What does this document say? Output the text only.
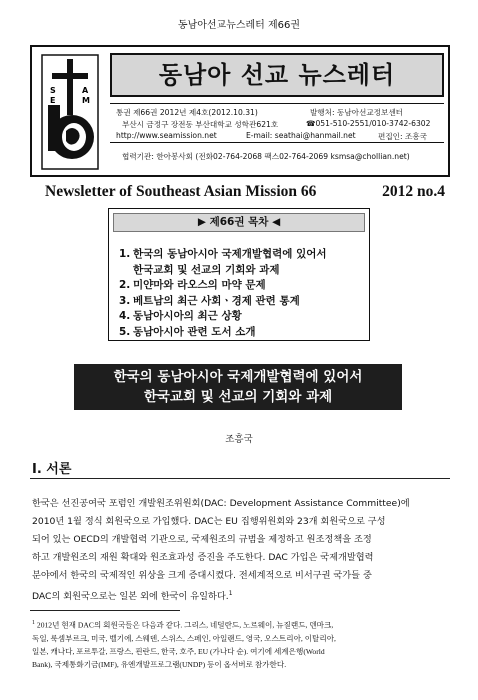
동남아선교뉴스레터 제66권
S
E
A
M
동남아 선교 뉴스레터
통권 제66권 2012년 제4호(2012.10.31)	발행처: 동남아선교정보센터
부산시 금정구 장전동 부산대학교 성학관621호	☎051-510-2551/010-3742-6302
http://www.seamission.net	E-mail: seathai@hanmail.net	편집인: 조흥국
협력기관: 한아봉사회 (전화02-764-2068 팩스02-764-2069 ksmsa@chollian.net)
Newsletter of Southeast Asian Mission 66	2012 no.4
▶ 제66권 목차 ◀
1. 한국의 동남아시아 국제개발협력에 있어서
한국교회 및 선교의 기회와 과제
2. 미얀마와 라오스의 마약 문제
3. 베트남의 최근 사회ㆍ경제 관련 통계
4. 동남아시아의 최근 상황
5. 동남아시아 관련 도서 소개
한국의 동남아시아 국제개발협력에 있어서
한국교회 및 선교의 기회와 과제
조흥국
I. 서론
한국은 선진공여국 포럼인 개발원조위원회(DAC: Development Assistance Committee)에
2010년 1월 정식 회원국으로 가입했다. DAC는 EU 집행위원회와 23개 회원국으로 구성
되어 있는 OECD의 개발협력 기관으로, 국제원조의 규범을 제정하고 원조정책을 조정
하고 개발원조의 재원 확대와 원조효과성 증진을 주도한다. DAC 가입은 국제개발협력
분야에서 한국의 국제적인 위상을 크게 증대시켰다. 전세계적으로 비서구권 국가들 중
DAC의 회원국으로는 일본 외에 한국이 유일하다.$^1$
$^1$ 2012년 현재 DAC의 회원국들은 다음과 같다. 그리스, 네덜란드, 노르웨이, 뉴질랜드, 덴마크,
독일, 룩셈부르크, 미국, 벨기에, 스웨덴, 스위스, 스페인, 아일랜드, 영국, 오스트리아, 이탈리아,
일본, 캐나다, 포르투갈, 프랑스, 핀란드, 한국, 호주, EU (가나다 순). 여기에 세계은행(World
Bank), 국제통화기금(IMF), 유엔개발프로그램(UNDP) 등이 옵서버로 참가한다.
